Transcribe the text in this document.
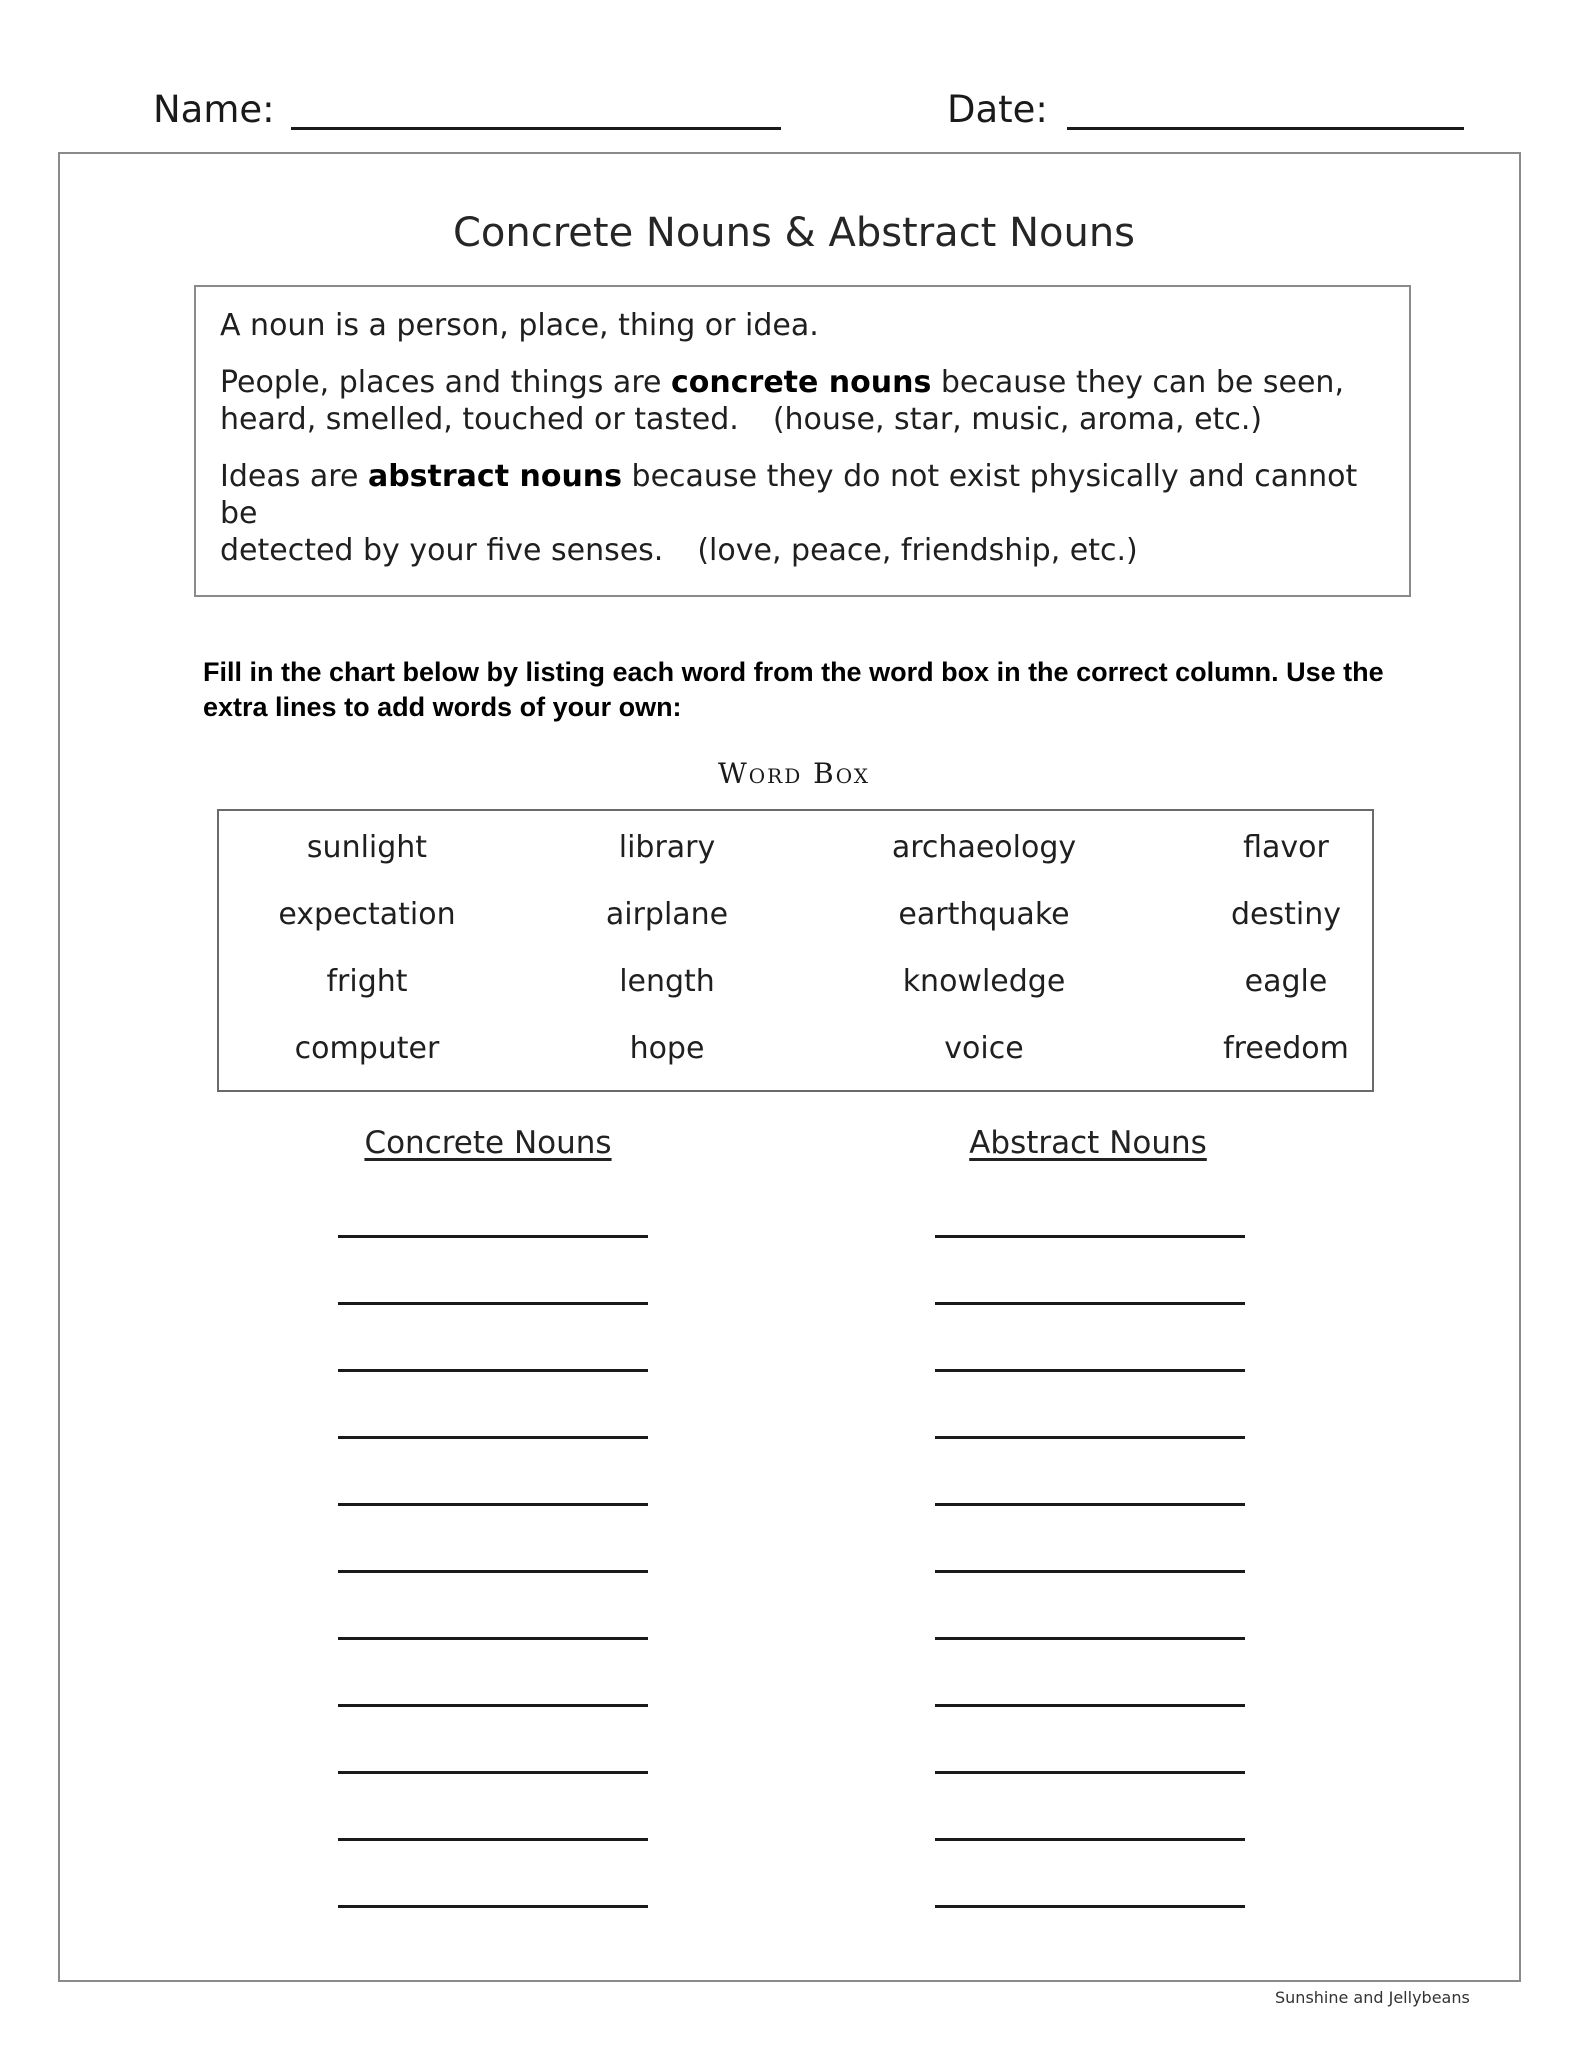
Name:	Date:
Concrete Nouns & Abstract Nouns

A noun is a person, place, thing or idea.

People, places and things are concrete nouns because they can be seen,
heard, smelled, touched or tasted. (house, star, music, aroma, etc.)

Ideas are abstract nouns because they do not exist physically and cannot be
detected by your five senses. (love, peace, friendship, etc.)

Fill in the chart below by listing each word from the word box in the correct column. Use the extra lines to add words of your own:
Word Box
sunlight	library	archaeology	flavor
expectation	airplane	earthquake	destiny
fright	length	knowledge	eagle
computer	hope	voice	freedom
Concrete Nouns	Abstract Nouns
Sunshine and Jellybeans
